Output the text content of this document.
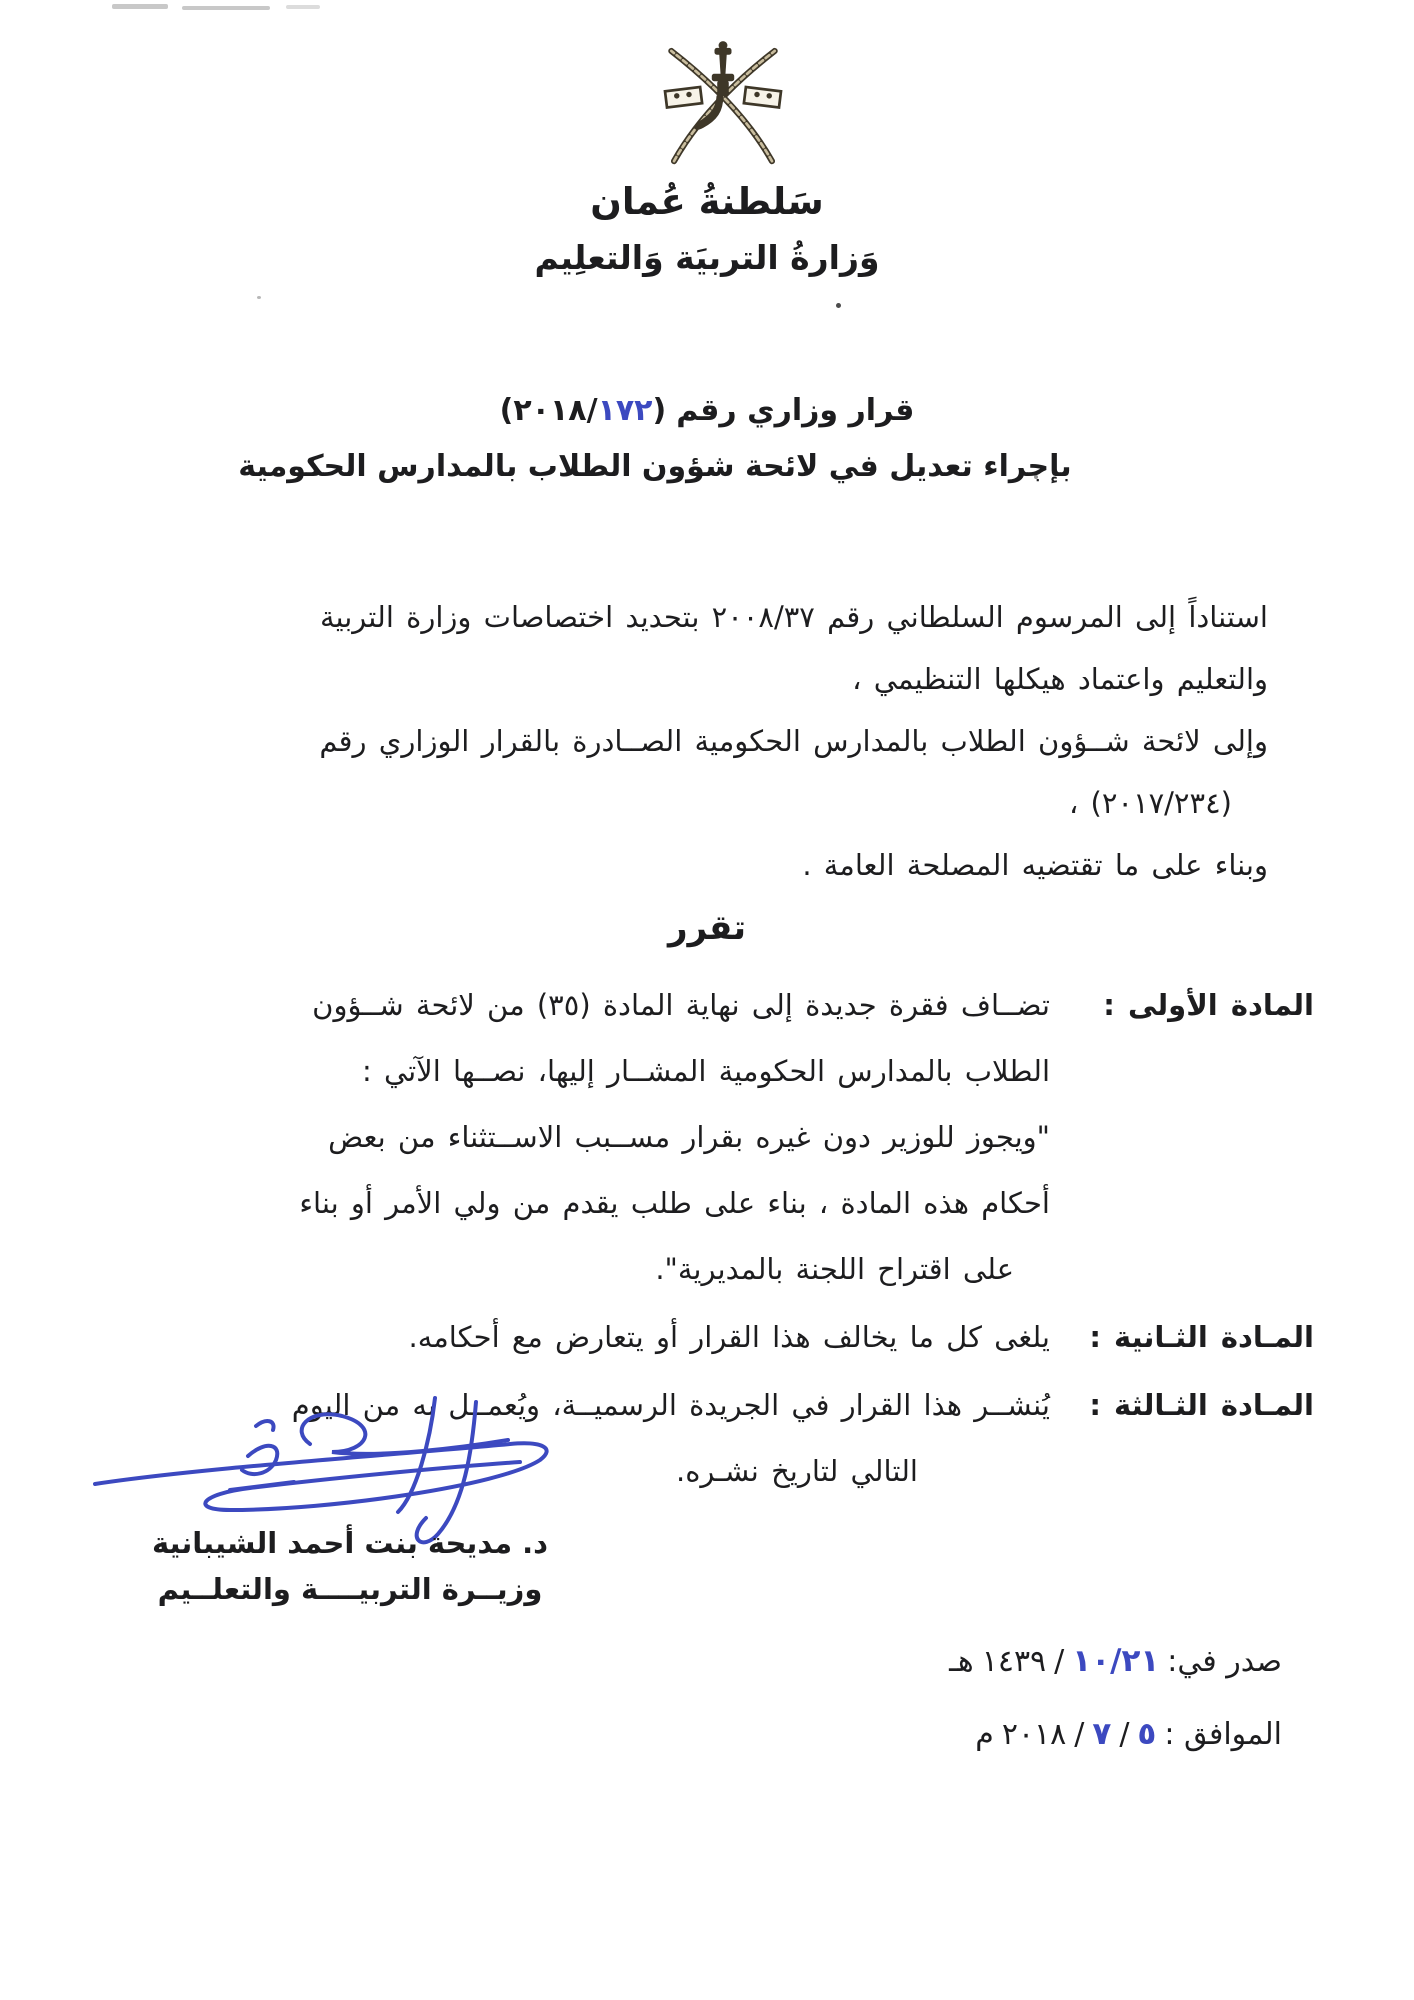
سَلطنةُ عُمان
وَزارةُ التربيَة وَالتعلِيم
قرار وزاري رقم
( ٢٠١٨ / ١٧٢ )
بإجراء تعديل في لائحة شؤون الطلاب بالمدارس الحكومية
استناداً إلى المرسوم السلطاني رقم ٢٠٠٨/٣٧ بتحديد اختصاصات وزارة التربية
والتعليم واعتماد هيكلها التنظيمي ،
وإلى لائحة شــؤون الطلاب بالمدارس الحكومية الصــادرة بالقرار الوزاري رقم
(٢٠١٧/٢٣٤) ،
وبناء على ما تقتضيه المصلحة العامة .
تقرر
المادة الأولى :
تضــاف فقرة جديدة إلى نهاية المادة (٣٥) من لائحة شــؤون
الطلاب بالمدارس الحكومية المشــار إليها، نصــها الآتي :
"ويجوز للوزير دون غيره بقرار مســبب الاســتثناء من بعض
أحكام هذه المادة ، بناء على طلب يقدم من ولي الأمر أو بناء
على اقتراح اللجنة بالمديرية".
المـادة الثـانية :
يلغى كل ما يخالف هذا القرار أو يتعارض مع أحكامه.
المـادة الثـالثة :
يُنشــر هذا القرار في الجريدة الرسميــة، ويُعمــل به من اليوم
التالي لتاريخ نشـره.
د. مديحة بنت أحمد الشيبانية
وزيــرة التربيــــة والتعلــيم
صدر في:
١٠ / ٢١
/
١٤٣٩
هـ
الموافق :
٥
/
٧
/
٢٠١٨
م
